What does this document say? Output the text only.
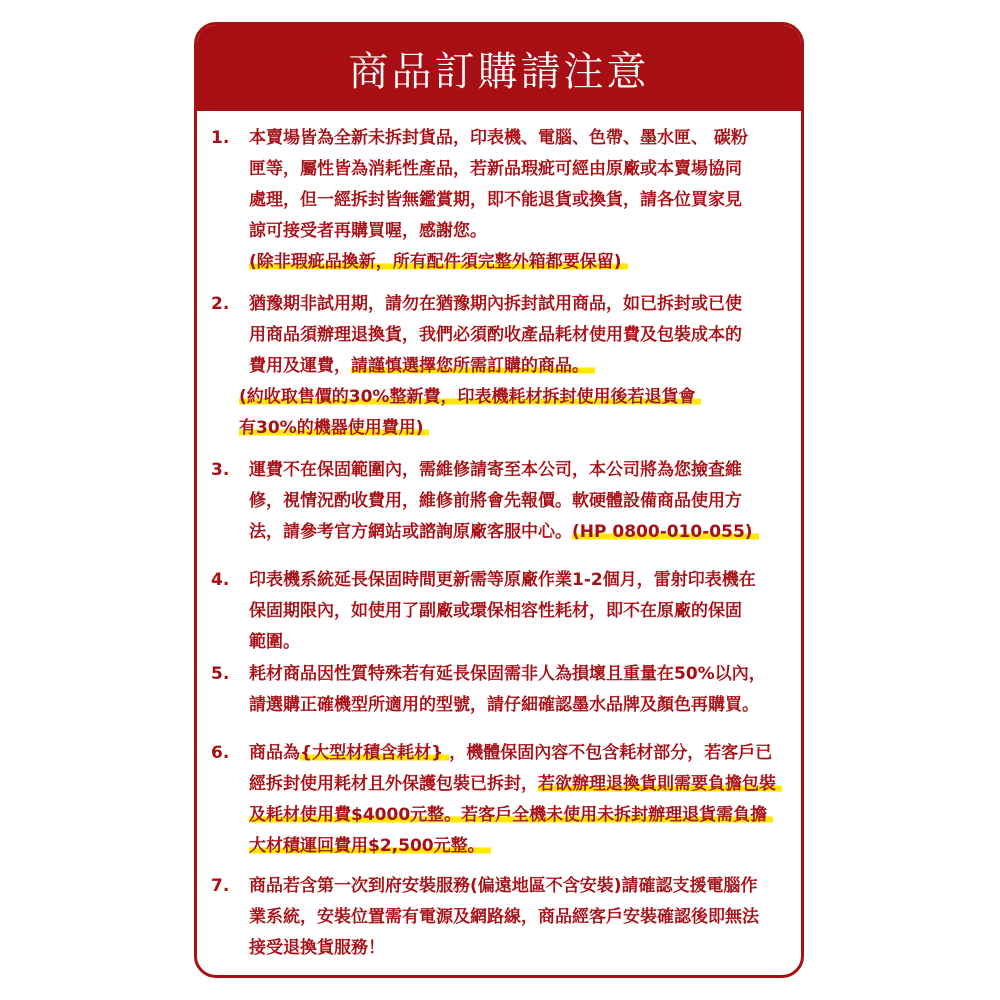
商品訂購請注意
1.	本賣場皆為全新未拆封貨品，印表機、電腦、色帶、墨水匣、 碳粉
匣等，屬性皆為消耗性產品，若新品瑕疵可經由原廠或本賣場協同
處理，但一經拆封皆無鑑賞期，即不能退貨或換貨，請各位買家見
諒可接受者再購買喔，感謝您。
(除非瑕疵品換新，所有配件須完整外箱都要保留)
2.	猶豫期非試用期，請勿在猶豫期內拆封試用商品，如已拆封或已使
用商品須辦理退換貨，我們必須酌收產品耗材使用費及包裝成本的
費用及運費，請謹慎選擇您所需訂購的商品。
(約收取售價的30%整新費，印表機耗材拆封使用後若退貨會
有30%的機器使用費用)
3.	運費不在保固範圍內，需維修請寄至本公司，本公司將為您撿查維
修，視情況酌收費用，維修前將會先報價。軟硬體設備商品使用方
法，請參考官方網站或諮詢原廠客服中心。(HP 0800-010-055)
4.	印表機系統延長保固時間更新需等原廠作業1-2個月，雷射印表機在
保固期限內，如使用了副廠或環保相容性耗材，即不在原廠的保固
範圍。
5.	耗材商品因性質特殊若有延長保固需非人為損壞且重量在50%以內，
請選購正確機型所適用的型號，請仔細確認墨水品牌及顏色再購買。
6.	商品為{大型材積含耗材} ，機體保固內容不包含耗材部分，若客戶已
經拆封使用耗材且外保護包裝已拆封，若欲辦理退換貨則需要負擔包裝
及耗材使用費$4000元整。若客戶全機未使用未拆封辦理退貨需負擔
大材積運回費用$2,500元整。
7.	商品若含第一次到府安裝服務(偏遠地區不含安裝)請確認支援電腦作
業系統，安裝位置需有電源及網路線，商品經客戶安裝確認後即無法
接受退換貨服務！
